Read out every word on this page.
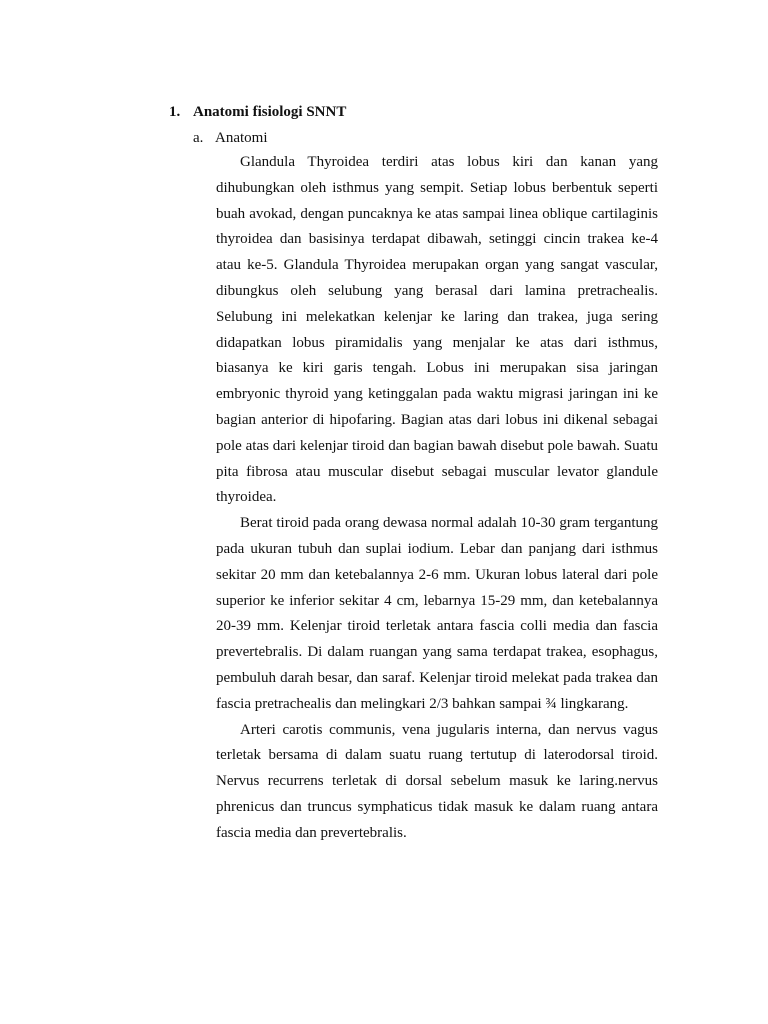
1. Anatomi fisiologi SNNT
a. Anatomi

Glandula Thyroidea terdiri atas lobus kiri dan kanan yang dihubungkan oleh isthmus yang sempit. Setiap lobus berbentuk seperti buah avokad, dengan puncaknya ke atas sampai linea oblique cartilaginis thyroidea dan basisinya terdapat dibawah, setinggi cincin trakea ke-4 atau ke-5. Glandula Thyroidea merupakan organ yang sangat vascular, dibungkus oleh selubung yang berasal dari lamina pretrachealis. Selubung ini melekatkan kelenjar ke laring dan trakea, juga sering didapatkan lobus piramidalis yang menjalar ke atas dari isthmus, biasanya ke kiri garis tengah. Lobus ini merupakan sisa jaringan embryonic thyroid yang ketinggalan pada waktu migrasi jaringan ini ke bagian anterior di hipofaring. Bagian atas dari lobus ini dikenal sebagai pole atas dari kelenjar tiroid dan bagian bawah disebut pole bawah. Suatu pita fibrosa atau muscular disebut sebagai muscular levator glandule thyroidea.

Berat tiroid pada orang dewasa normal adalah 10-30 gram tergantung pada ukuran tubuh dan suplai iodium. Lebar dan panjang dari isthmus sekitar 20 mm dan ketebalannya 2-6 mm. Ukuran lobus lateral dari pole superior ke inferior sekitar 4 cm, lebarnya 15-29 mm, dan ketebalannya 20-39 mm. Kelenjar tiroid terletak antara fascia colli media dan fascia prevertebralis. Di dalam ruangan yang sama terdapat trakea, esophagus, pembuluh darah besar, dan saraf. Kelenjar tiroid melekat pada trakea dan fascia pretrachealis dan melingkari 2/3 bahkan sampai ¾ lingkarang.

Arteri carotis communis, vena jugularis interna, dan nervus vagus terletak bersama di dalam suatu ruang tertutup di laterodorsal tiroid. Nervus recurrens terletak di dorsal sebelum masuk ke laring.nervus phrenicus dan truncus symphaticus tidak masuk ke dalam ruang antara fascia media dan prevertebralis.
